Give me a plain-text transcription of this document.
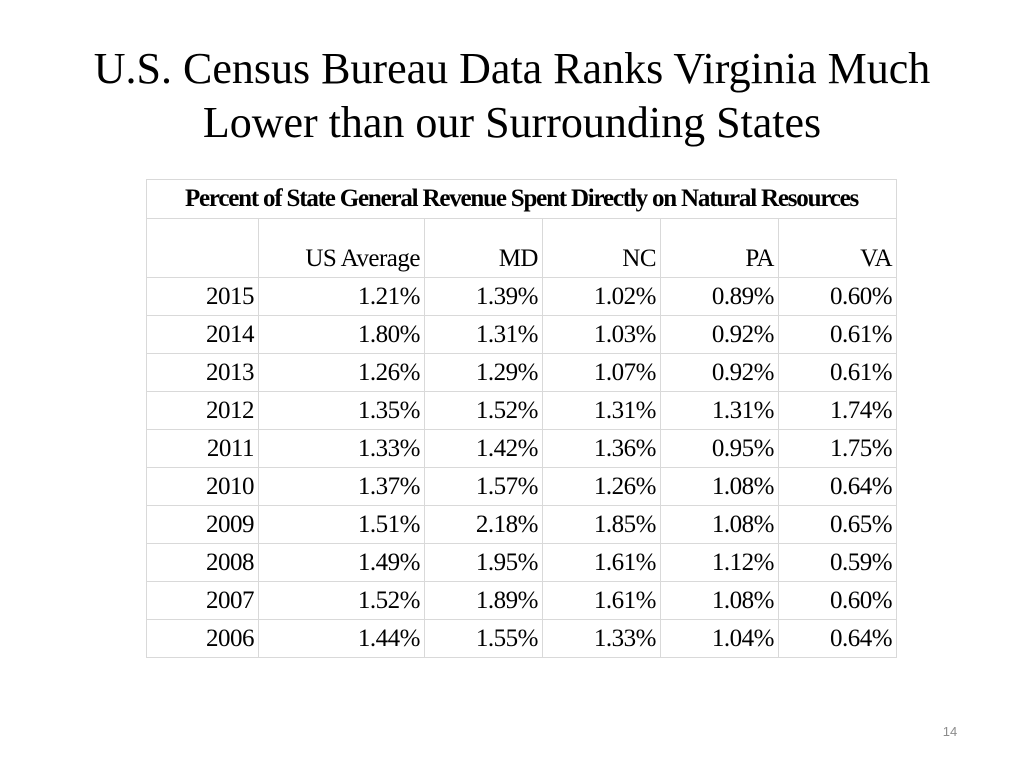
U.S. Census Bureau Data Ranks Virginia Much
Lower than our Surrounding States
Percent of State General Revenue Spent Directly on Natural Resources					
	US Average	MD	NC	PA	VA
2015	1.21%	1.39%	1.02%	0.89%	0.60%
2014	1.80%	1.31%	1.03%	0.92%	0.61%
2013	1.26%	1.29%	1.07%	0.92%	0.61%
2012	1.35%	1.52%	1.31%	1.31%	1.74%
2011	1.33%	1.42%	1.36%	0.95%	1.75%
2010	1.37%	1.57%	1.26%	1.08%	0.64%
2009	1.51%	2.18%	1.85%	1.08%	0.65%
2008	1.49%	1.95%	1.61%	1.12%	0.59%
2007	1.52%	1.89%	1.61%	1.08%	0.60%
2006	1.44%	1.55%	1.33%	1.04%	0.64%
14
